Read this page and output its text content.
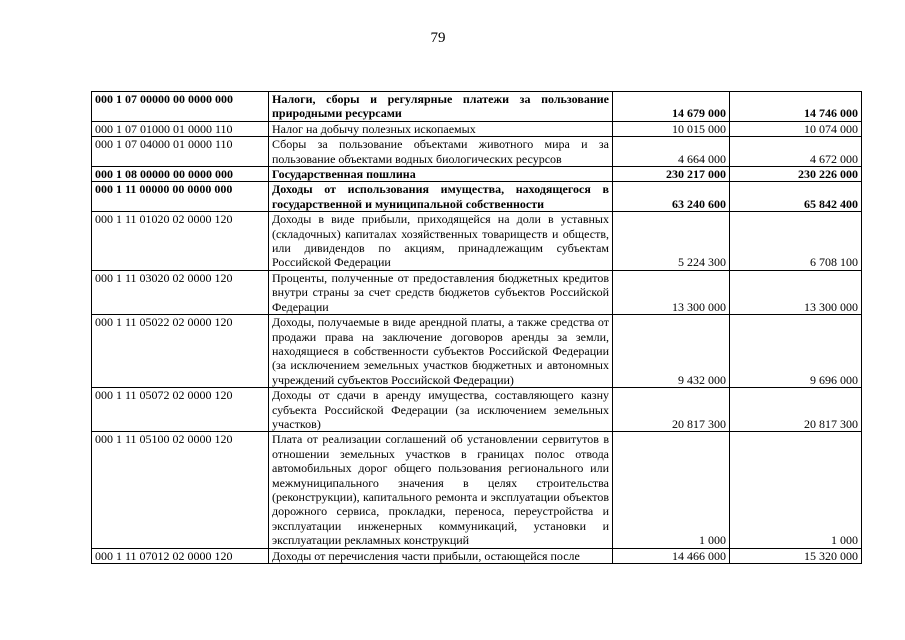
79
000 1 07 00000 00 0000 000	Налоги, сборы и регулярные платежи за пользование природными ресурсами	14 679 000	14 746 000
000 1 07 01000 01 0000 110	Налог на добычу полезных ископаемых	10 015 000	10 074 000
000 1 07 04000 01 0000 110	Сборы за пользование объектами животного мира и за пользование объектами водных биологических ресурсов	4 664 000	4 672 000
000 1 08 00000 00 0000 000	Государственная пошлина	230 217 000	230 226 000
000 1 11 00000 00 0000 000	Доходы от использования имущества, находящегося в государственной и муниципальной собственности	63 240 600	65 842 400
000 1 11 01020 02 0000 120	Доходы в виде прибыли, приходящейся на доли в уставных (складочных) капиталах хозяйственных товариществ и обществ, или дивидендов по акциям, принадлежащим субъектам Российской Федерации	5 224 300	6 708 100
000 1 11 03020 02 0000 120	Проценты, полученные от предоставления бюджетных кредитов внутри страны за счет средств бюджетов субъектов Российской Федерации	13 300 000	13 300 000
000 1 11 05022 02 0000 120	Доходы, получаемые в виде арендной платы, а также средства от продажи права на заключение договоров аренды за земли, находящиеся в собственности субъектов Российской Федерации (за исключением земельных участков бюджетных и автономных учреждений субъектов Российской Федерации)	9 432 000	9 696 000
000 1 11 05072 02 0000 120	Доходы от сдачи в аренду имущества, составляющего казну субъекта Российской Федерации (за исключением земельных участков)	20 817 300	20 817 300
000 1 11 05100 02 0000 120	Плата от реализации соглашений об установлении сервитутов в отношении земельных участков в границах полос отвода автомобильных дорог общего пользования регионального или межмуниципального значения в целях строительства (реконструкции), капитального ремонта и эксплуатации объектов дорожного сервиса, прокладки, переноса, переустройства и эксплуатации инженерных коммуникаций, установки и эксплуатации рекламных конструкций	1 000	1 000
000 1 11 07012 02 0000 120	Доходы от перечисления части прибыли, остающейся после	14 466 000	15 320 000
